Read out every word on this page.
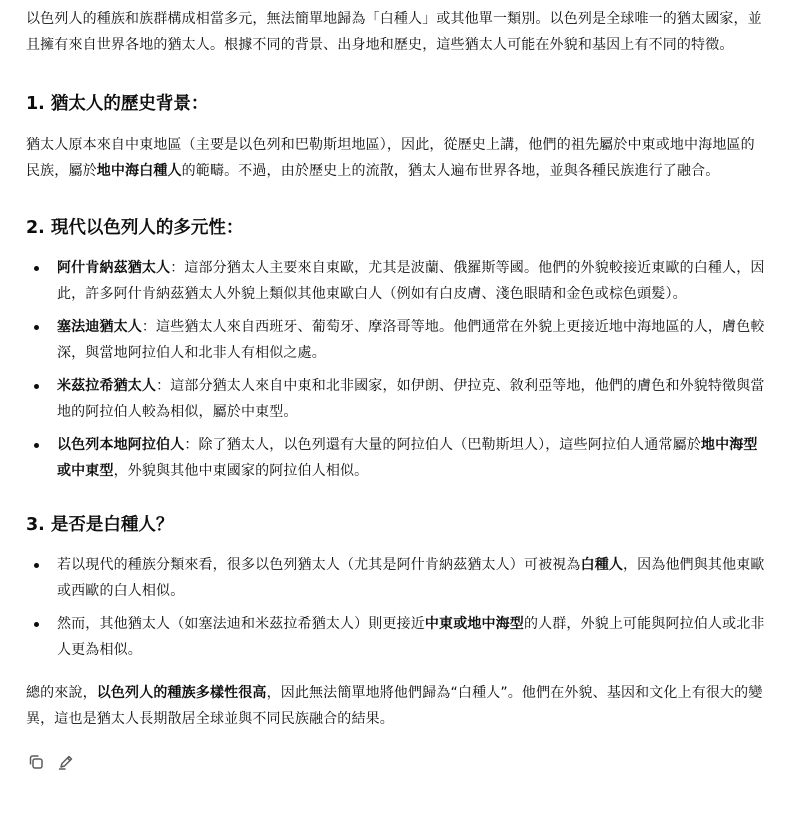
以色列人的種族和族群構成相當多元，無法簡單地歸為「白種人」或其他單一類別。以色列是全球唯一的猶太國家，並且擁有來自世界各地的猶太人。根據不同的背景、出身地和歷史，這些猶太人可能在外貌和基因上有不同的特徵。

1. 猶太人的歷史背景：

猶太人原本來自中東地區（主要是以色列和巴勒斯坦地區），因此，從歷史上講，他們的祖先屬於中東或地中海地區的民族，屬於地中海白種人的範疇。不過，由於歷史上的流散，猶太人遍布世界各地，並與各種民族進行了融合。

2. 現代以色列人的多元性：
阿什肯納茲猶太人：這部分猶太人主要來自東歐，尤其是波蘭、俄羅斯等國。他們的外貌較接近東歐的白種人，因此，許多阿什肯納茲猶太人外貌上類似其他東歐白人（例如有白皮膚、淺色眼睛和金色或棕色頭髮）。
塞法迪猶太人：這些猶太人來自西班牙、葡萄牙、摩洛哥等地。他們通常在外貌上更接近地中海地區的人，膚色較深，與當地阿拉伯人和北非人有相似之處。
米茲拉希猶太人：這部分猶太人來自中東和北非國家，如伊朗、伊拉克、敘利亞等地，他們的膚色和外貌特徵與當地的阿拉伯人較為相似，屬於中東型。
以色列本地阿拉伯人：除了猶太人，以色列還有大量的阿拉伯人（巴勒斯坦人），這些阿拉伯人通常屬於地中海型或中東型，外貌與其他中東國家的阿拉伯人相似。
3. 是否是白種人？
若以現代的種族分類來看，很多以色列猶太人（尤其是阿什肯納茲猶太人）可被視為白種人，因為他們與其他東歐或西歐的白人相似。
然而，其他猶太人（如塞法迪和米茲拉希猶太人）則更接近中東或地中海型的人群，外貌上可能與阿拉伯人或北非人更為相似。

總的來說，以色列人的種族多樣性很高，因此無法簡單地將他們歸為“白種人”。他們在外貌、基因和文化上有很大的變異，這也是猶太人長期散居全球並與不同民族融合的結果。
